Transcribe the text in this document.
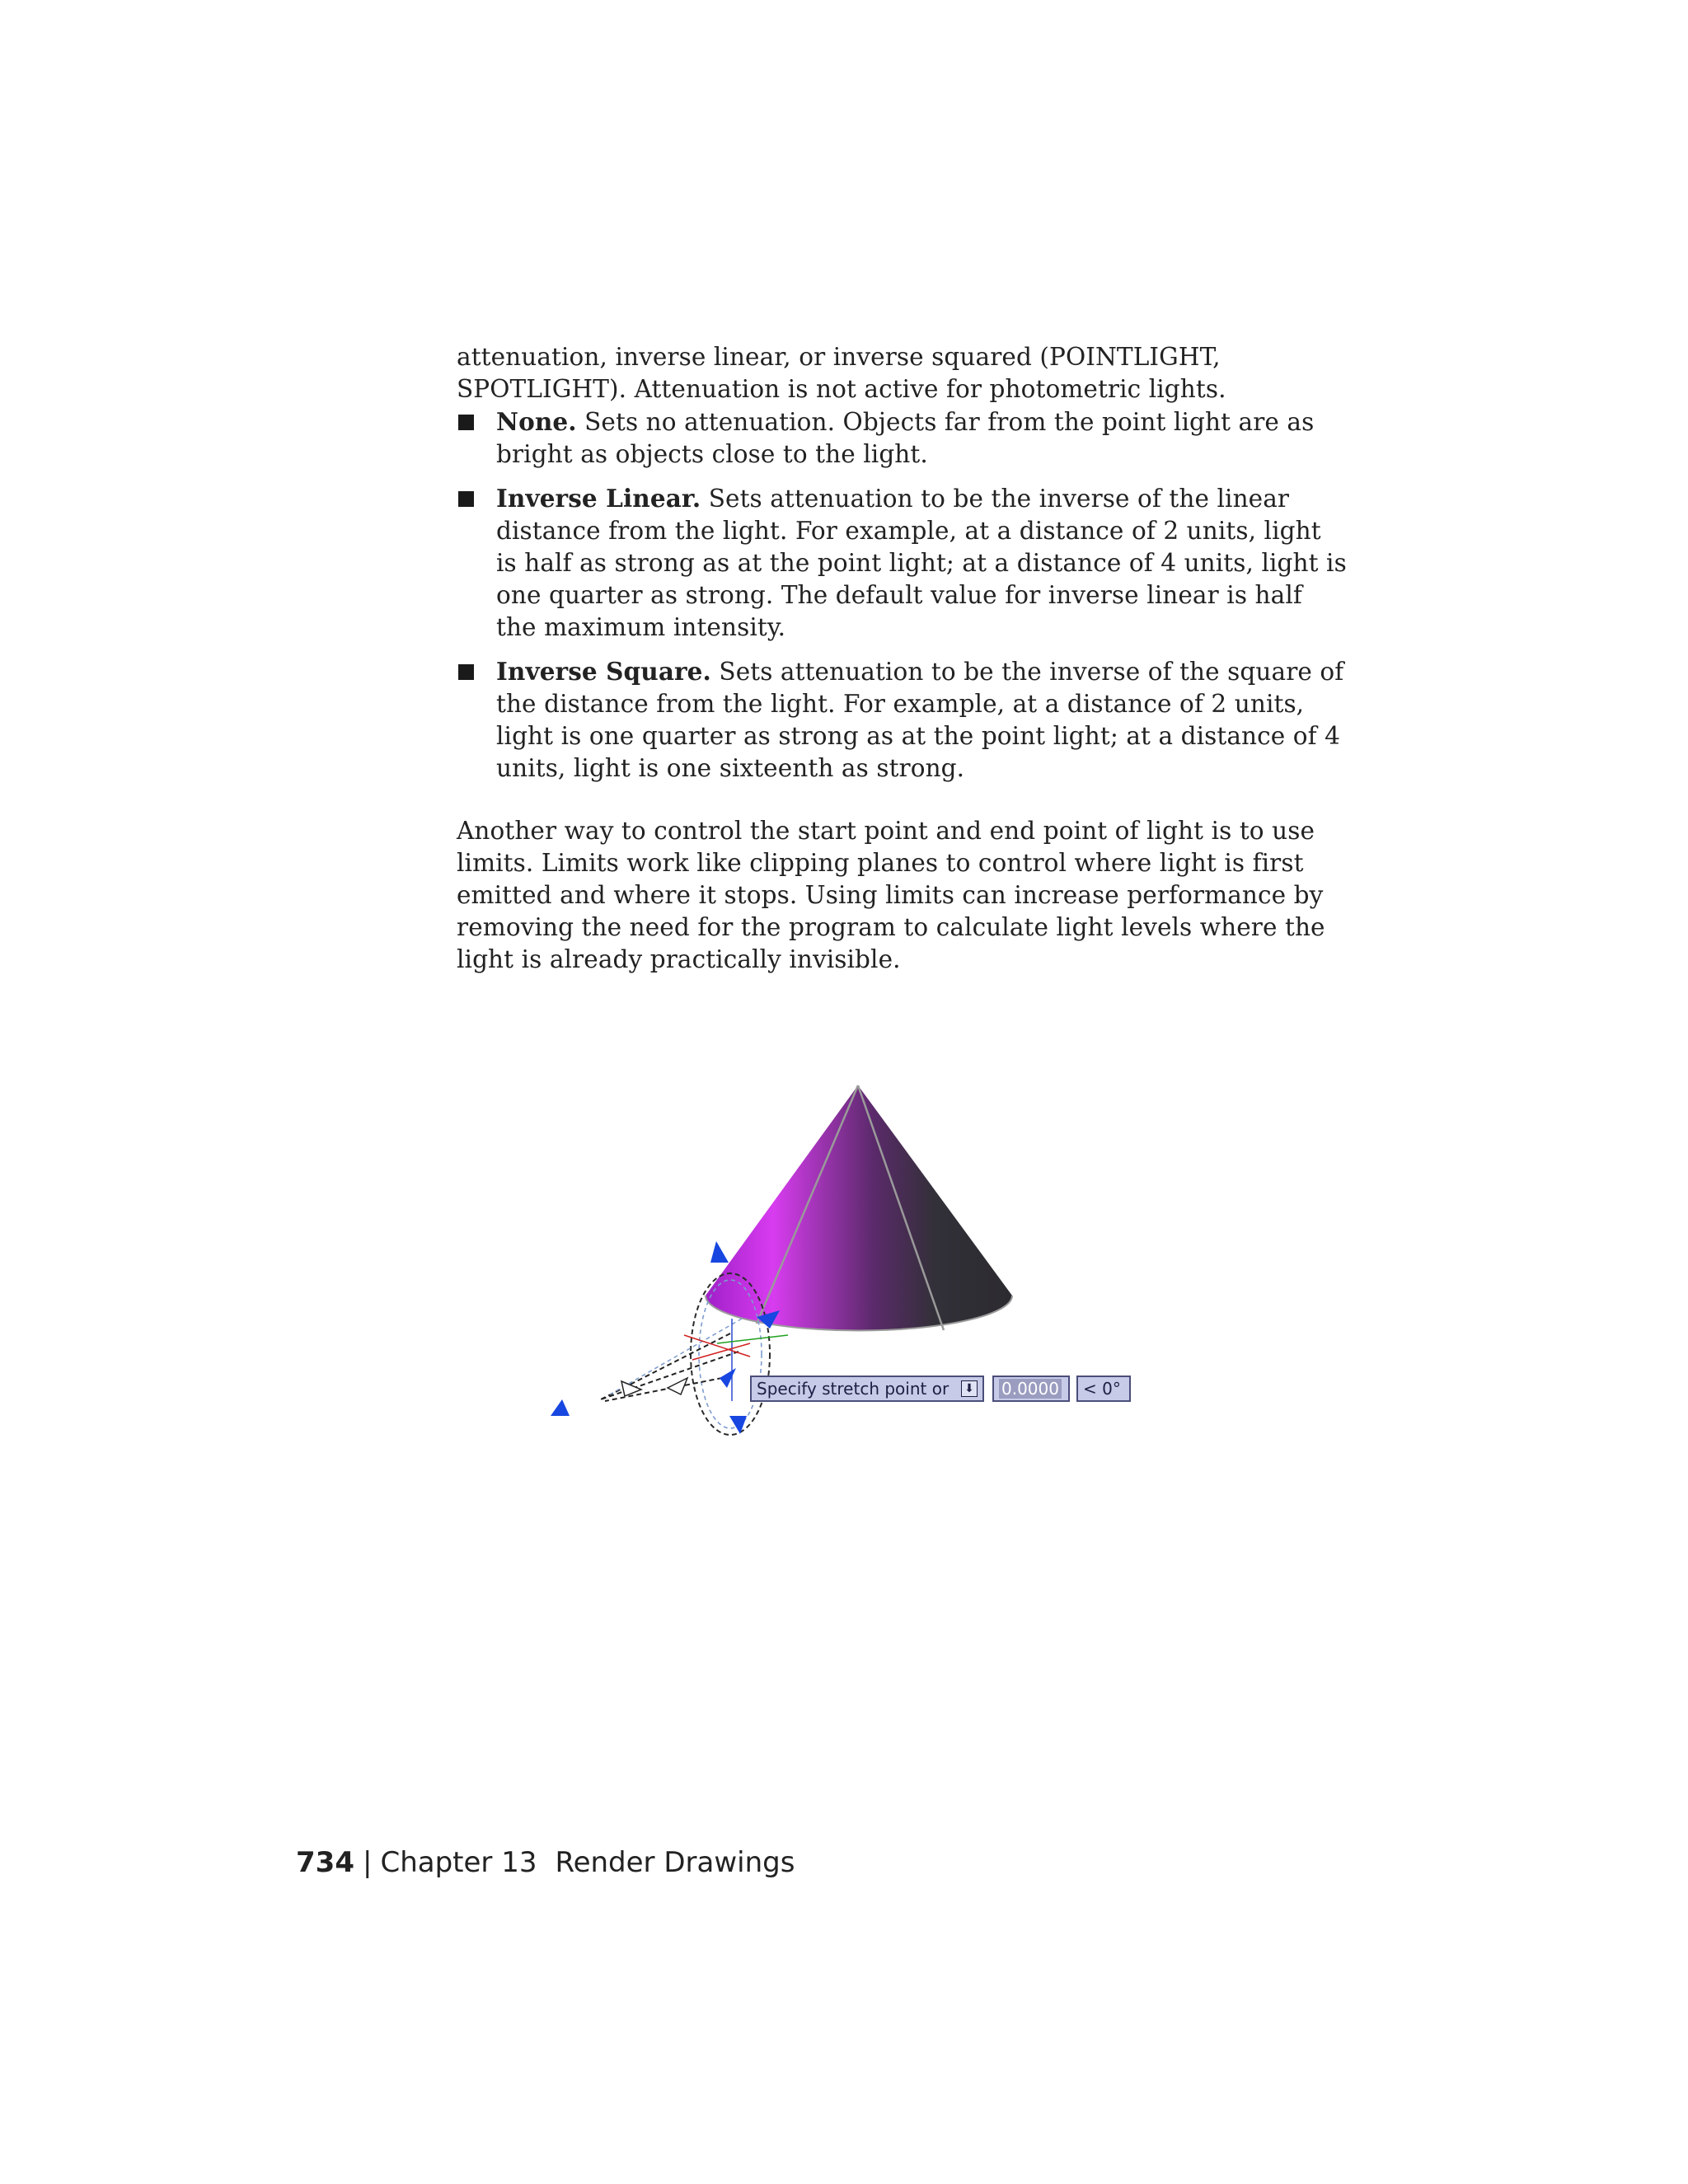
attenuation, inverse linear, or inverse squared (POINTLIGHT, SPOTLIGHT). Attenuation is not active for photometric lights.

None. Sets no attenuation. Objects far from the point light are as bright as objects close to the light.
Inverse Linear. Sets attenuation to be the inverse of the linear distance from the light. For example, at a distance of 2 units, light is half as strong as at the point light; at a distance of 4 units, light is one quarter as strong. The default value for inverse linear is half the maximum intensity.
Inverse Square. Sets attenuation to be the inverse of the square of the distance from the light. For example, at a distance of 2 units, light is one quarter as strong as at the point light; at a distance of 4 units, light is one sixteenth as strong.

Another way to control the start point and end point of light is to use limits. Limits work like clipping planes to control where light is first emitted and where it stops. Using limits can increase performance by removing the need for the program to calculate light levels where the light is already practically invisible.

Specify stretch point or ⬇ 0.0000 < 0°
734 | Chapter 13 Render Drawings
